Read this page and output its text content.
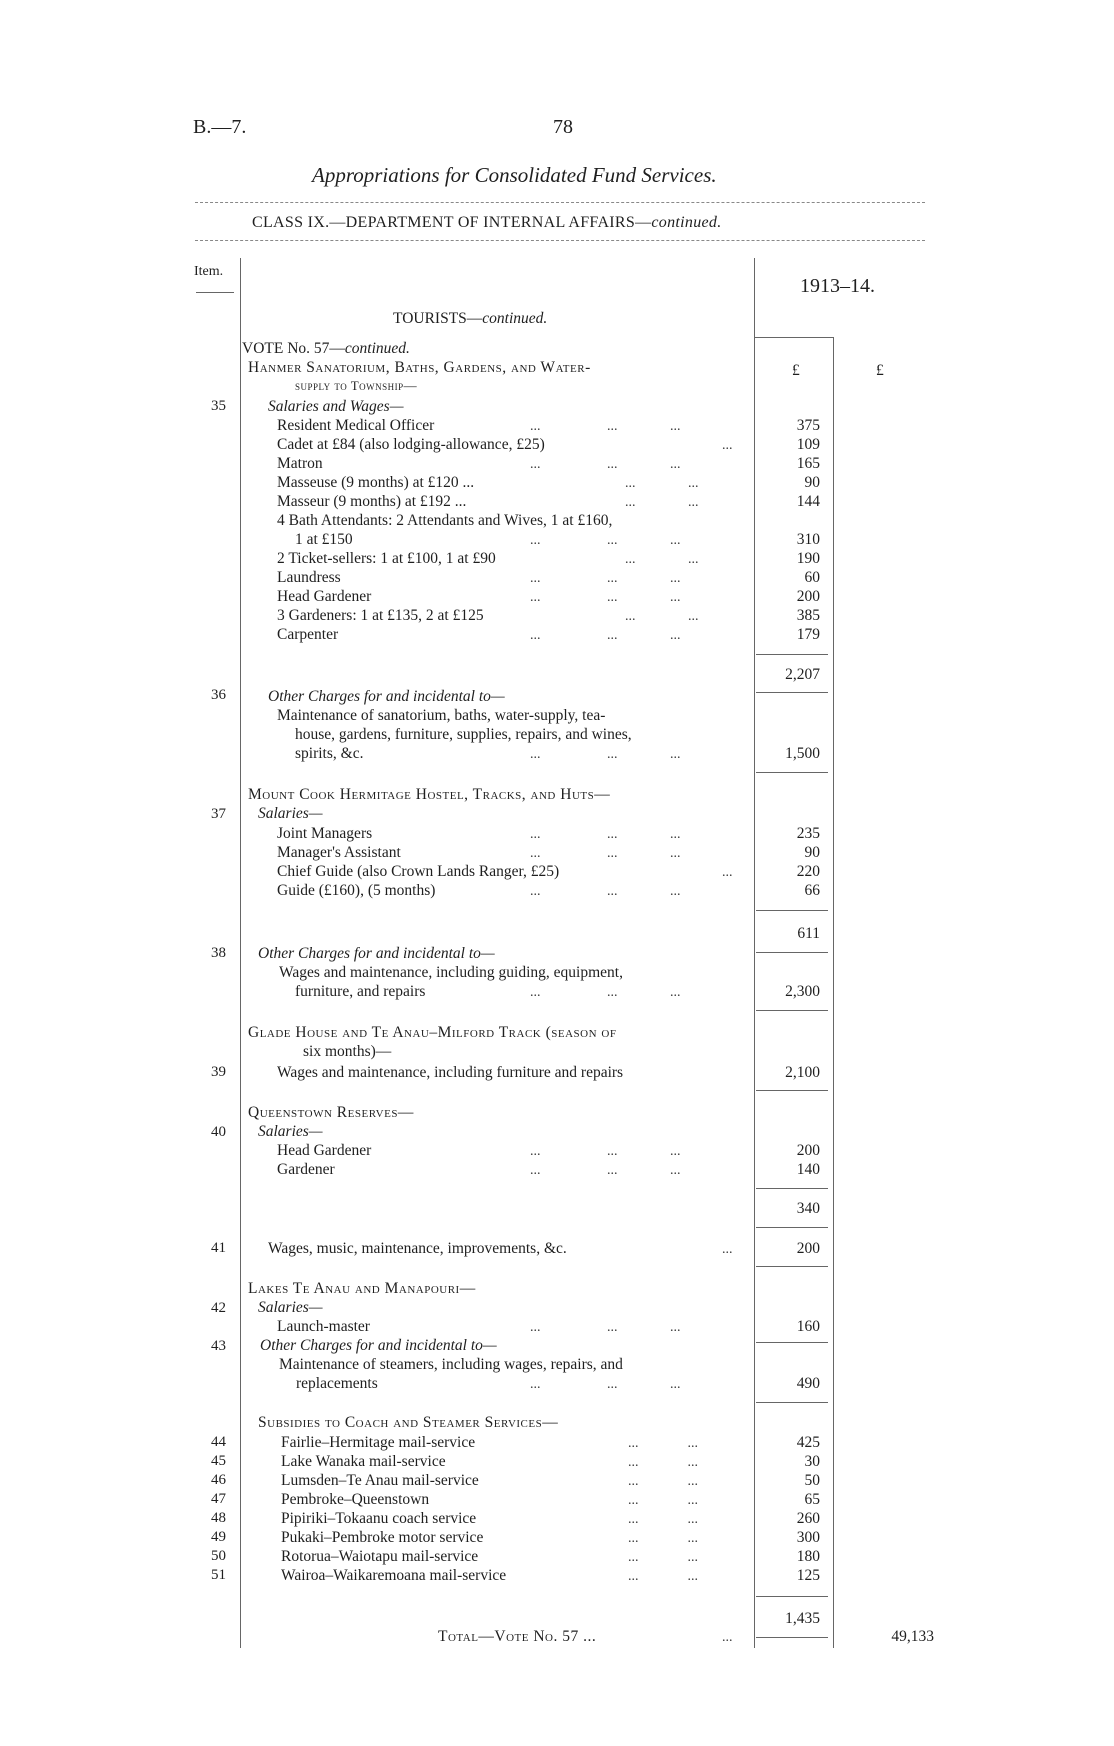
B.—7.	78
Appropriations for Consolidated Fund Services.
CLASS IX.—DEPARTMENT OF INTERNAL AFFAIRS—continued.
Item.
1913–14.
£	£
TOURISTS—continued.
VOTE No. 57—continued.
Hanmer Sanatorium, Baths, Gardens, and Water-
supply to Township—
35	Salaries and Wages—
Resident Medical Officer	...                   ...               ...	375
Cadet at £84 (also lodging-allowance, £25)	...	109
Matron	...                   ...               ...	165
Masseuse (9 months) at £120 ...	...               ...	90
Masseur (9 months) at £192 ...	...               ...	144
4 Bath Attendants: 2 Attendants and Wives, 1 at £160,
1 at £150	...                   ...               ...	310
2 Ticket-sellers: 1 at £100, 1 at £90	...               ...	190
Laundress	...                   ...               ...	60
Head Gardener	...                   ...               ...	200
3 Gardeners: 1 at £135, 2 at £125	...               ...	385
Carpenter	...                   ...               ...	179
2,207
36	Other Charges for and incidental to—
Maintenance of sanatorium, baths, water-supply, tea-
house, gardens, furniture, supplies, repairs, and wines,
spirits, &c.	...                   ...               ...	1,500
Mount Cook Hermitage Hostel, Tracks, and Huts—
37 Salaries—
Joint Managers	...                   ...               ...	235
Manager's Assistant	...                   ...               ...	90
Chief Guide (also Crown Lands Ranger, £25)	...	220
Guide (£160), (5 months)	...                   ...               ...	66
611
38 Other Charges for and incidental to—
Wages and maintenance, including guiding, equipment,
furniture, and repairs	...                   ...               ...	2,300
Glade House and Te Anau–Milford Track (season of
six months)—
39	Wages and maintenance, including furniture and repairs	2,100
Queenstown Reserves—
40 Salaries—
Head Gardener	...                   ...               ...	200
Gardener	...                   ...               ...	140
340
41	Wages, music, maintenance, improvements, &c.	...	200
Lakes Te Anau and Manapouri—
42 Salaries—
Launch-master	...                   ...               ...	160
43 Other Charges for and incidental to—
Maintenance of steamers, including wages, repairs, and
replacements	...                   ...               ...	490
Subsidies to Coach and Steamer Services—
44	Fairlie–Hermitage mail-service	...              ...	425
45	Lake Wanaka mail-service	...              ...	30
46	Lumsden–Te Anau mail-service	...              ...	50
47	Pembroke–Queenstown	...              ...	65
48	Pipiriki–Tokaanu coach service	...              ...	260
49	Pukaki–Pembroke motor service	...              ...	300
50	Rotorua–Waiotapu mail-service	...              ...	180
51	Wairoa–Waikaremoana mail-service	...              ...	125
1,435
Total—Vote No. 57 ...	...	49,133
